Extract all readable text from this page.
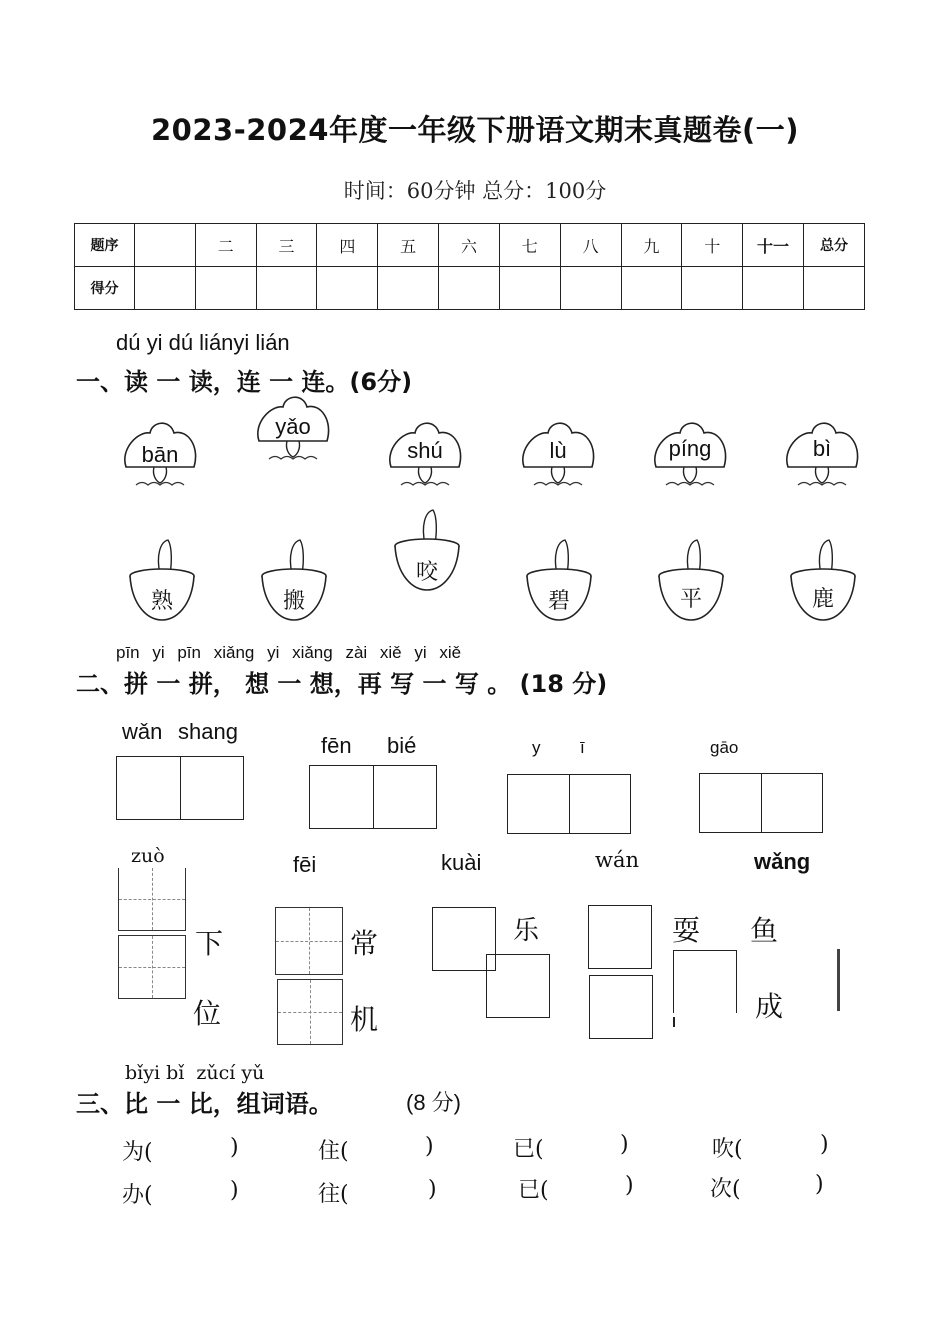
2023-2024年度一年级下册语文期末真题卷(一)
时间：60分钟 总分：100分
题序		二	三	四	五	六	七	八	九	十	十一	总分
得分												
dú yi dú liányi lián
一、读 一 读，连 一 连。(6分)
bān
yǎo
shú	lù	píng	bì
熟	搬
咬
碧	平	鹿
pīn yi pīn xiǎng yi xiǎng zài xiě yi xiě
二、拼 一 拼， 想 一 想，再 写 一 写 。 (18 分)
wǎn shang
fēn bié	y ī	gāo
zuò	fēi	kuài	wán	wǎng
下
位
常
机
乐	耍 鱼
成
bǐyi bǐ  zǔcí yǔ
三、比 一 比，组词语。	(8 分)
为(	)	住(	)	已(	)	吹(	)
办(	)	往(	)	已(	)	次(	)
